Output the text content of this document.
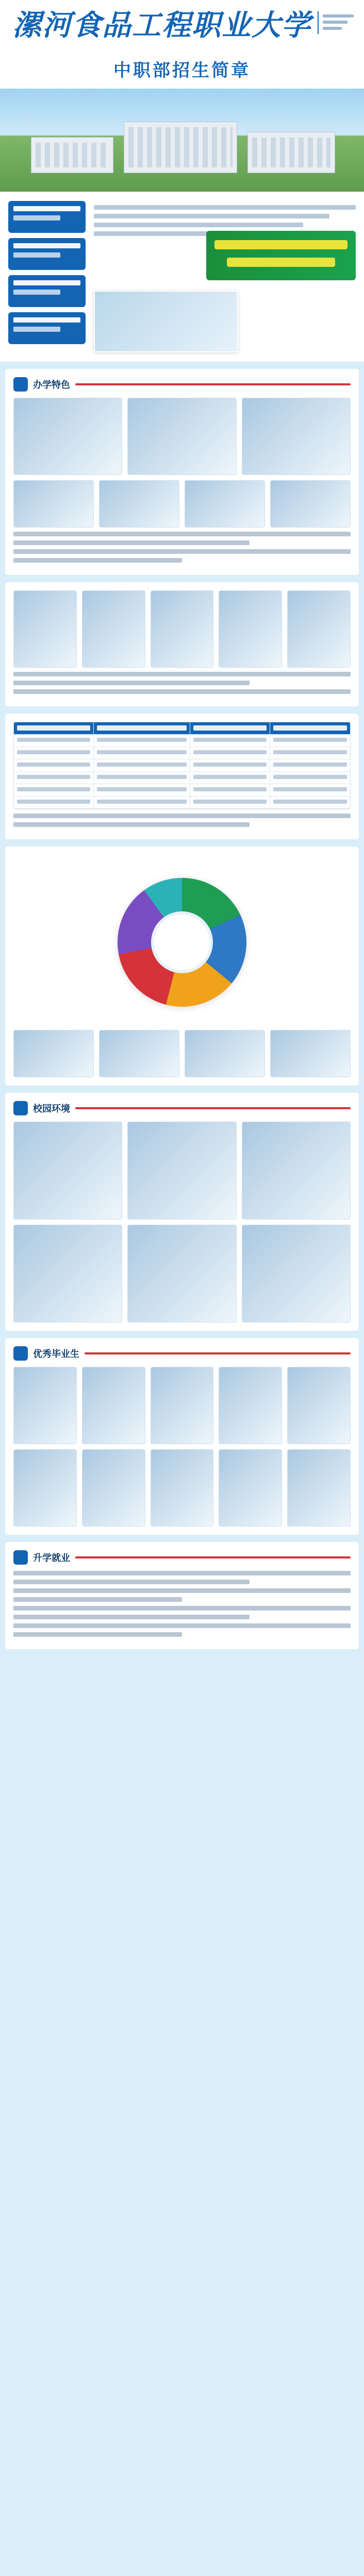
漯河食品工程职业大学
中职部招生简章
办学特色
校园环境
优秀毕业生
升学就业
